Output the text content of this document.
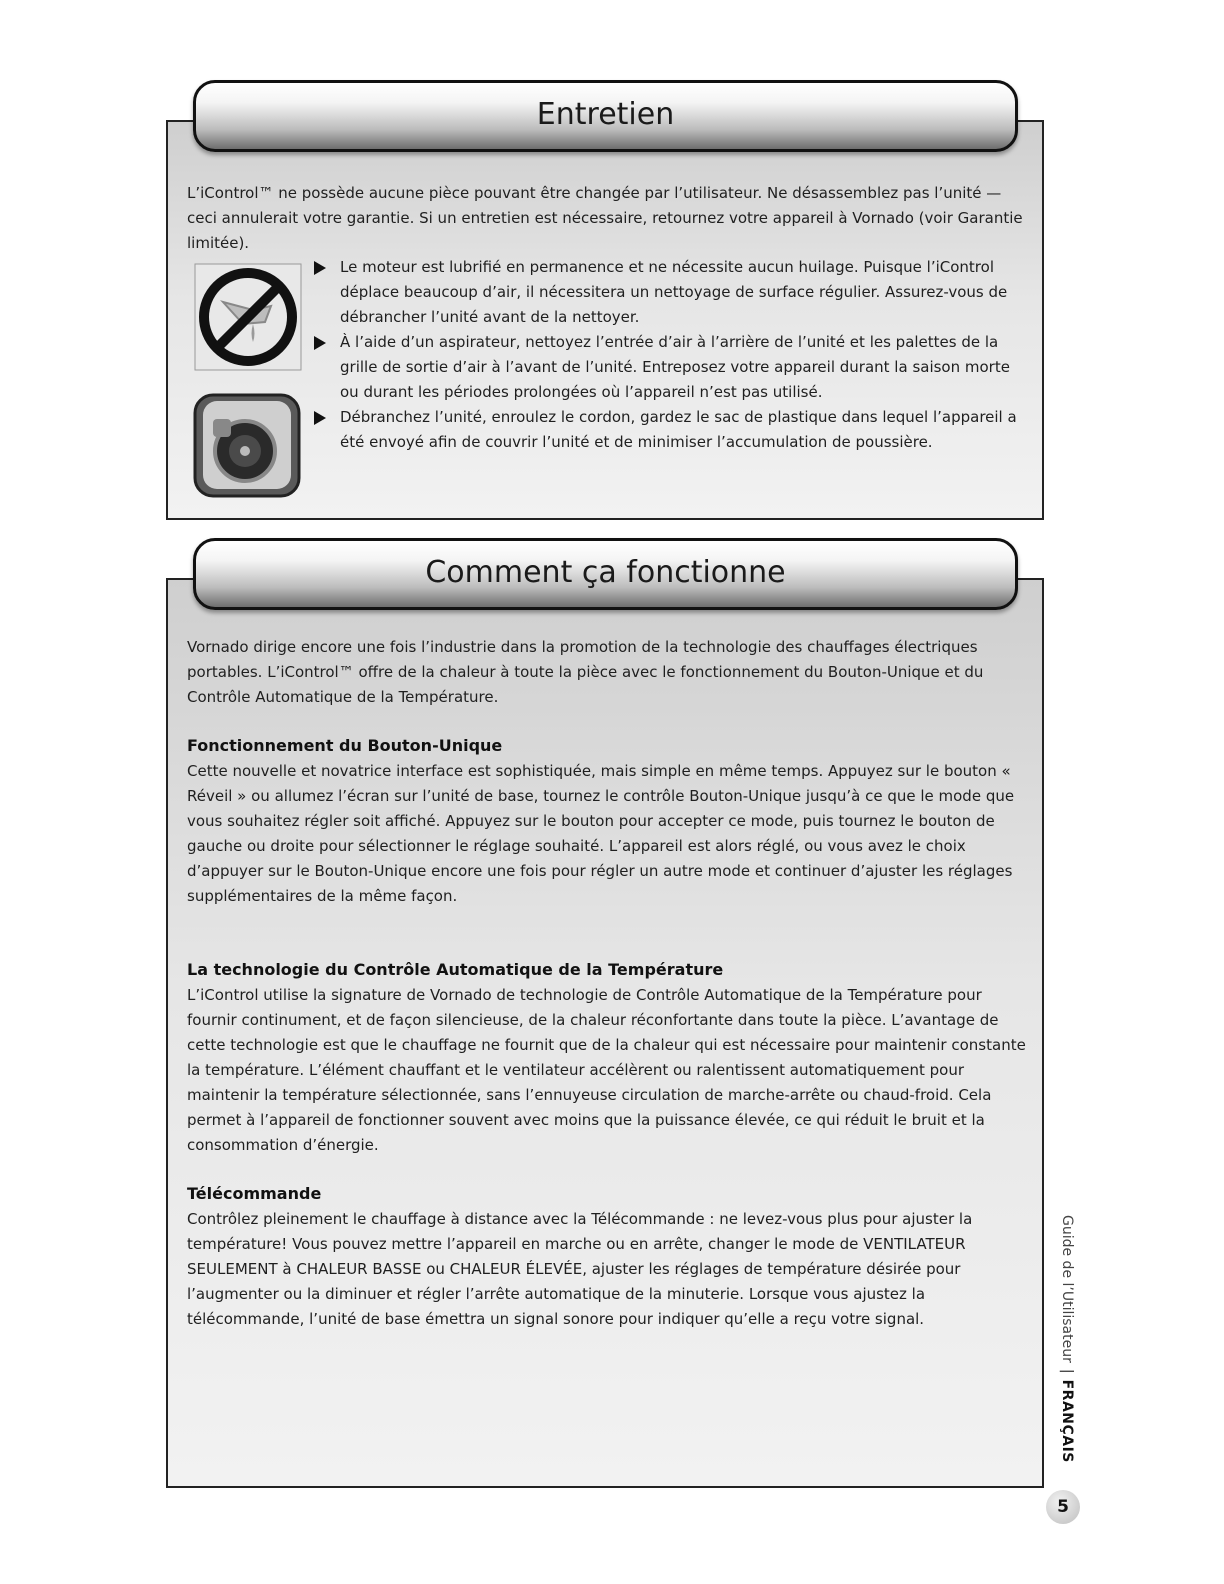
Entretien

L’iControl™ ne possède aucune pièce pouvant être changée par l’utilisateur. Ne désassemblez pas l’unité — ceci annulerait votre garantie. Si un entretien est nécessaire, retournez votre appareil à Vornado (voir Garantie limitée).

Le moteur est lubrifié en permanence et ne nécessite aucun huilage. Puisque l’iControl déplace beaucoup d’air, il nécessitera un nettoyage de surface régulier. Assurez-vous de débrancher l’unité avant de la nettoyer.
À l’aide d’un aspirateur, nettoyez l’entrée d’air à l’arrière de l’unité et les palettes de la grille de sortie d’air à l’avant de l’unité. Entreposez votre appareil durant la saison morte ou durant les périodes prolongées où l’appareil n’est pas utilisé.
Débranchez l’unité, enroulez le cordon, gardez le sac de plastique dans lequel l’appareil a été envoyé afin de couvrir l’unité et de minimiser l’accumulation de poussière.
Comment ça fonctionne

Vornado dirige encore une fois l’industrie dans la promotion de la technologie des chauffages électriques portables. L’iControl™ offre de la chaleur à toute la pièce avec le fonctionnement du Bouton-Unique et du Contrôle Automatique de la Température.

Fonctionnement du Bouton-Unique

Cette nouvelle et novatrice interface est sophistiquée, mais simple en même temps. Appuyez sur le bouton « Réveil » ou allumez l’écran sur l’unité de base, tournez le contrôle Bouton-Unique jusqu’à ce que le mode que vous souhaitez régler soit affiché. Appuyez sur le bouton pour accepter ce mode, puis tournez le bouton de gauche ou droite pour sélectionner le réglage souhaité. L’appareil est alors réglé, ou vous avez le choix d’appuyer sur le Bouton-Unique encore une fois pour régler un autre mode et continuer d’ajuster les réglages supplémentaires de la même façon.

La technologie du Contrôle Automatique de la Température

L’iControl utilise la signature de Vornado de technologie de Contrôle Automatique de la Température pour fournir continument, et de façon silencieuse, de la chaleur réconfortante dans toute la pièce. L’avantage de cette technologie est que le chauffage ne fournit que de la chaleur qui est nécessaire pour maintenir constante la température. L’élément chauffant et le ventilateur accélèrent ou ralentissent automatiquement pour maintenir la température sélectionnée, sans l’ennuyeuse circulation de marche-arrête ou chaud-froid. Cela permet à l’appareil de fonctionner souvent avec moins que la puissance élevée, ce qui réduit le bruit et la consommation d’énergie.

Télécommande

Contrôlez pleinement le chauffage à distance avec la Télécommande : ne levez-vous plus pour ajuster la température! Vous pouvez mettre l’appareil en marche ou en arrête, changer le mode de VENTILATEUR SEULEMENT à CHALEUR BASSE ou CHALEUR ÉLEVÉE, ajuster les réglages de température désirée pour l’augmenter ou la diminuer et régler l’arrête automatique de la minuterie. Lorsque vous ajustez la télécommande, l’unité de base émettra un signal sonore pour indiquer qu’elle a reçu votre signal.	Guide de l’Utilisateur|FRANÇAIS
5
